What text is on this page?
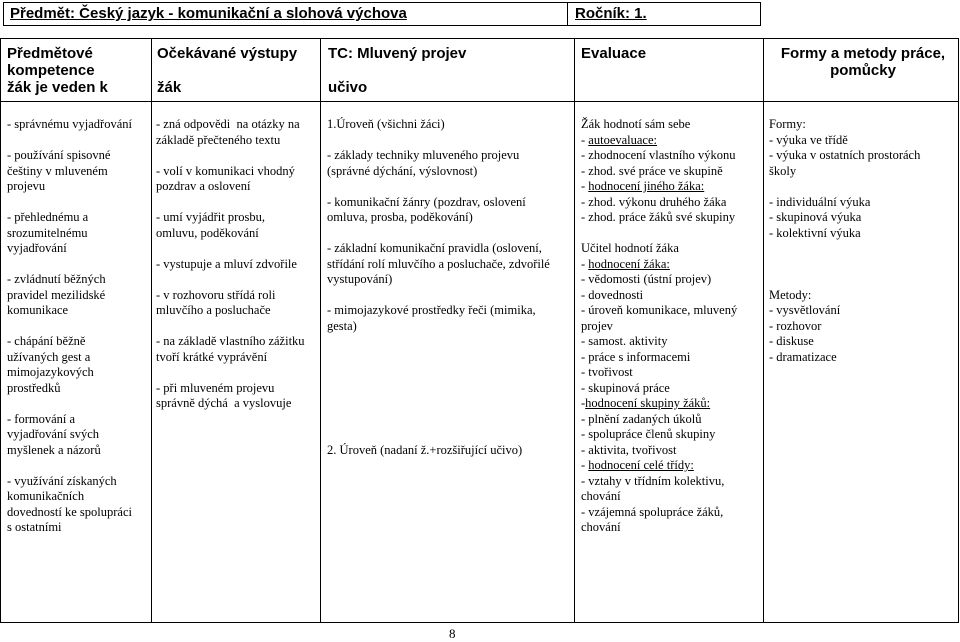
Předmět: Český jazyk - komunikační a slohová výchova	Ročník: 1.
Předmětové
kompetence
žák je veden k
Očekávané výstupy

žák
TC: Mluvený projev

učivo
Evaluace	Formy a metody práce,
pomůcky
- správnému vyjadřování

- používání spisovné
češtiny v mluveném
projevu

- přehlednému a
srozumitelnému
vyjadřování

- zvládnutí běžných
pravidel mezilidské
komunikace

- chápání běžně
užívaných gest a
mimojazykových
prostředků

- formování a
vyjadřování svých
myšlenek a názorů

- využívání získaných
komunikačních
dovedností ke spolupráci
s ostatními
- zná odpovědi  na otázky na
základě přečteného textu

- volí v komunikaci vhodný
pozdrav a oslovení

- umí vyjádřit prosbu,
omluvu, poděkování

- vystupuje a mluví zdvořile

- v rozhovoru střídá roli
mluvčího a posluchače

- na základě vlastního zážitku
tvoří krátké vyprávění

- při mluveném projevu
správně dýchá  a vyslovuje
1.Úroveň (všichni žáci)

- základy techniky mluveného projevu
(správné dýchání, výslovnost)

- komunikační žánry (pozdrav, oslovení
omluva, prosba, poděkování)

- základní komunikační pravidla (oslovení,
střídání rolí mluvčího a posluchače, zdvořilé
vystupování)

- mimojazykové prostředky řeči (mimika,
gesta)
2. Úroveň (nadaní ž.+rozšiřující učivo)
Žák hodnotí sám sebe
- autoevaluace:
- zhodnocení vlastního výkonu
- zhod. své práce ve skupině
- hodnocení jiného žáka:
- zhod. výkonu druhého žáka
- zhod. práce žáků své skupiny

Učitel hodnotí žáka
- hodnocení žáka:
- vědomosti (ústní projev)
- dovednosti
- úroveň komunikace, mluvený
projev
- samost. aktivity
- práce s informacemi
- tvořivost
- skupinová práce
-hodnocení skupiny žáků:
- plnění zadaných úkolů
- spolupráce členů skupiny
- aktivita, tvořivost
- hodnocení celé třídy:
- vztahy v třídním kolektivu,
chování
- vzájemná spolupráce žáků,
chování
Formy:
- výuka ve třídě
- výuka v ostatních prostorách
školy

- individuální výuka
- skupinová výuka
- kolektivní výuka

Metody:
- vysvětlování
- rozhovor
- diskuse
- dramatizace
8
